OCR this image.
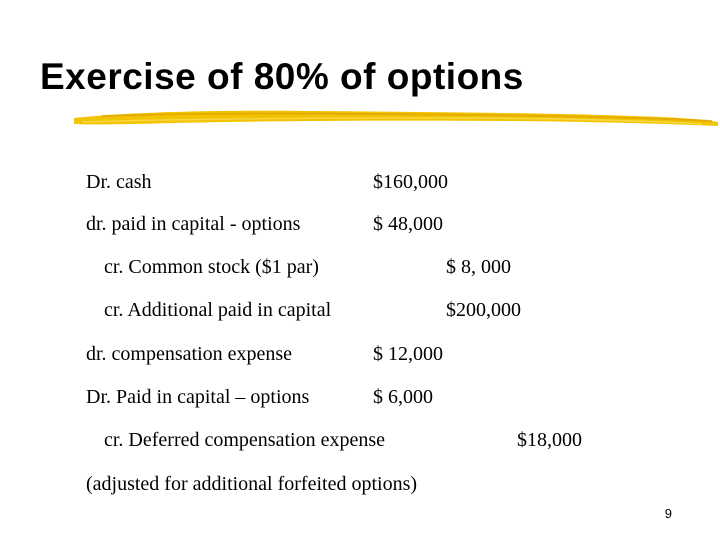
Exercise of 80% of options
Dr. cash	$160,000
dr. paid in capital - options	$ 48,000
cr. Common stock ($1 par)	$ 8, 000
cr. Additional paid in capital	$200,000
dr. compensation expense	$ 12,000
Dr. Paid in capital – options	$ 6,000
cr. Deferred compensation expense	$18,000
(adjusted for additional forfeited options)
9
